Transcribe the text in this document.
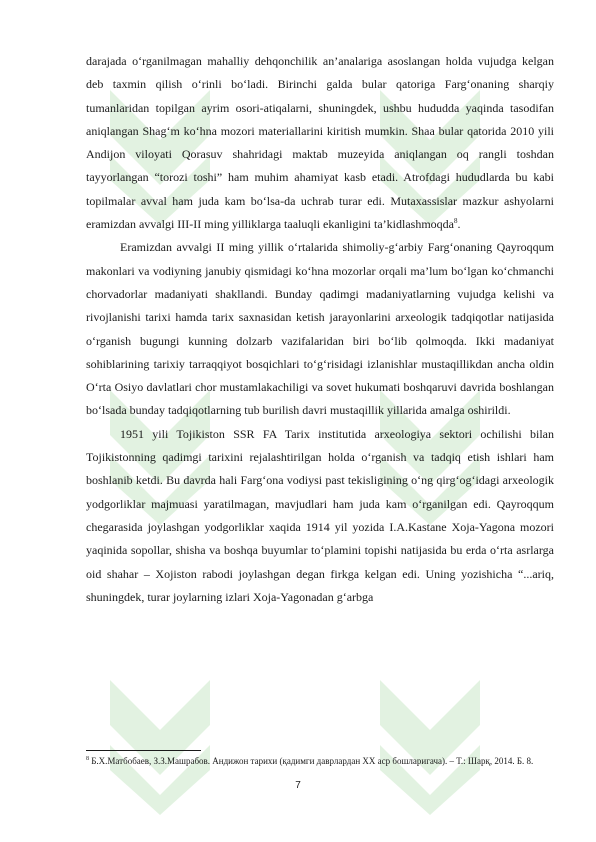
darajada o‘rganilmagan mahalliy dehqonchilik an’analariga asoslangan holda vujudga kelgan deb taxmin qilish o‘rinli bo‘ladi. Birinchi galda bular qatoriga Farg‘onaning sharqiy tumanlaridan topilgan ayrim osori-atiqalarni, shuningdek, ushbu hududda yaqinda tasodifan aniqlangan Shag‘m ko‘hna mozori materiallarini kiritish mumkin. Shaa bular qatorida 2010 yili Andijon viloyati Qorasuv shahridagi maktab muzeyida aniqlangan oq rangli toshdan tayyorlangan “torozi toshi” ham muhim ahamiyat kasb etadi. Atrofdagi hududlarda bu kabi topilmalar avval ham juda kam bo‘lsa-da uchrab turar edi. Mutaxassislar mazkur ashyolarni eramizdan avvalgi III-II ming yilliklarga taaluqli ekanligini ta’kidlashmoqda$^8$.

Eramizdan avvalgi II ming yillik o‘rtalarida shimoliy-g‘arbiy Farg‘onaning Qayroqqum makonlari va vodiyning janubiy qismidagi ko‘hna mozorlar orqali ma’lum bo‘lgan ko‘chmanchi chorvadorlar madaniyati shakllandi. Bunday qadimgi madaniyatlarning vujudga kelishi va rivojlanishi tarixi hamda tarix saxnasidan ketish jarayonlarini arxeologik tadqiqotlar natijasida o‘rganish bugungi kunning dolzarb vazifalaridan biri bo‘lib qolmoqda. Ikki madaniyat sohiblarining tarixiy tarraqqiyot bosqichlari to‘g‘risidagi izlanishlar mustaqillikdan ancha oldin O‘rta Osiyo davlatlari chor mustamlakachiligi va sovet hukumati boshqaruvi davrida boshlangan bo‘lsada bunday tadqiqotlarning tub burilish davri mustaqillik yillarida amalga oshirildi.

1951 yili Tojikiston SSR FA Tarix institutida arxeologiya sektori ochilishi bilan Tojikistonning qadimgi tarixini rejalashtirilgan holda o‘rganish va tadqiq etish ishlari ham boshlanib ketdi. Bu davrda hali Farg‘ona vodiysi past tekisligining o‘ng qirg‘og‘idagi arxeologik yodgorliklar majmuasi yaratilmagan, mavjudlari ham juda kam o‘rganilgan edi. Qayroqqum chegarasida joylashgan yodgorliklar xaqida 1914 yil yozida I.A.Kastane Xoja-Yagona mozori yaqinida sopollar, shisha va boshqa buyumlar to‘plamini topishi natijasida bu erda o‘rta asrlarga oid shahar – Xojiston rabodi joylashgan degan firkga kelgan edi. Uning yozishicha “...ariq, shuningdek, turar joylarning izlari Xoja-Yagonadan g‘arbga

$^8$ Б.Х.Матбобаев, З.З.Машрабов. Андижон тарихи (қадимги даврлардан ХХ аср бошларигача). – Т.: Шарқ, 2014. Б. 8.
7
